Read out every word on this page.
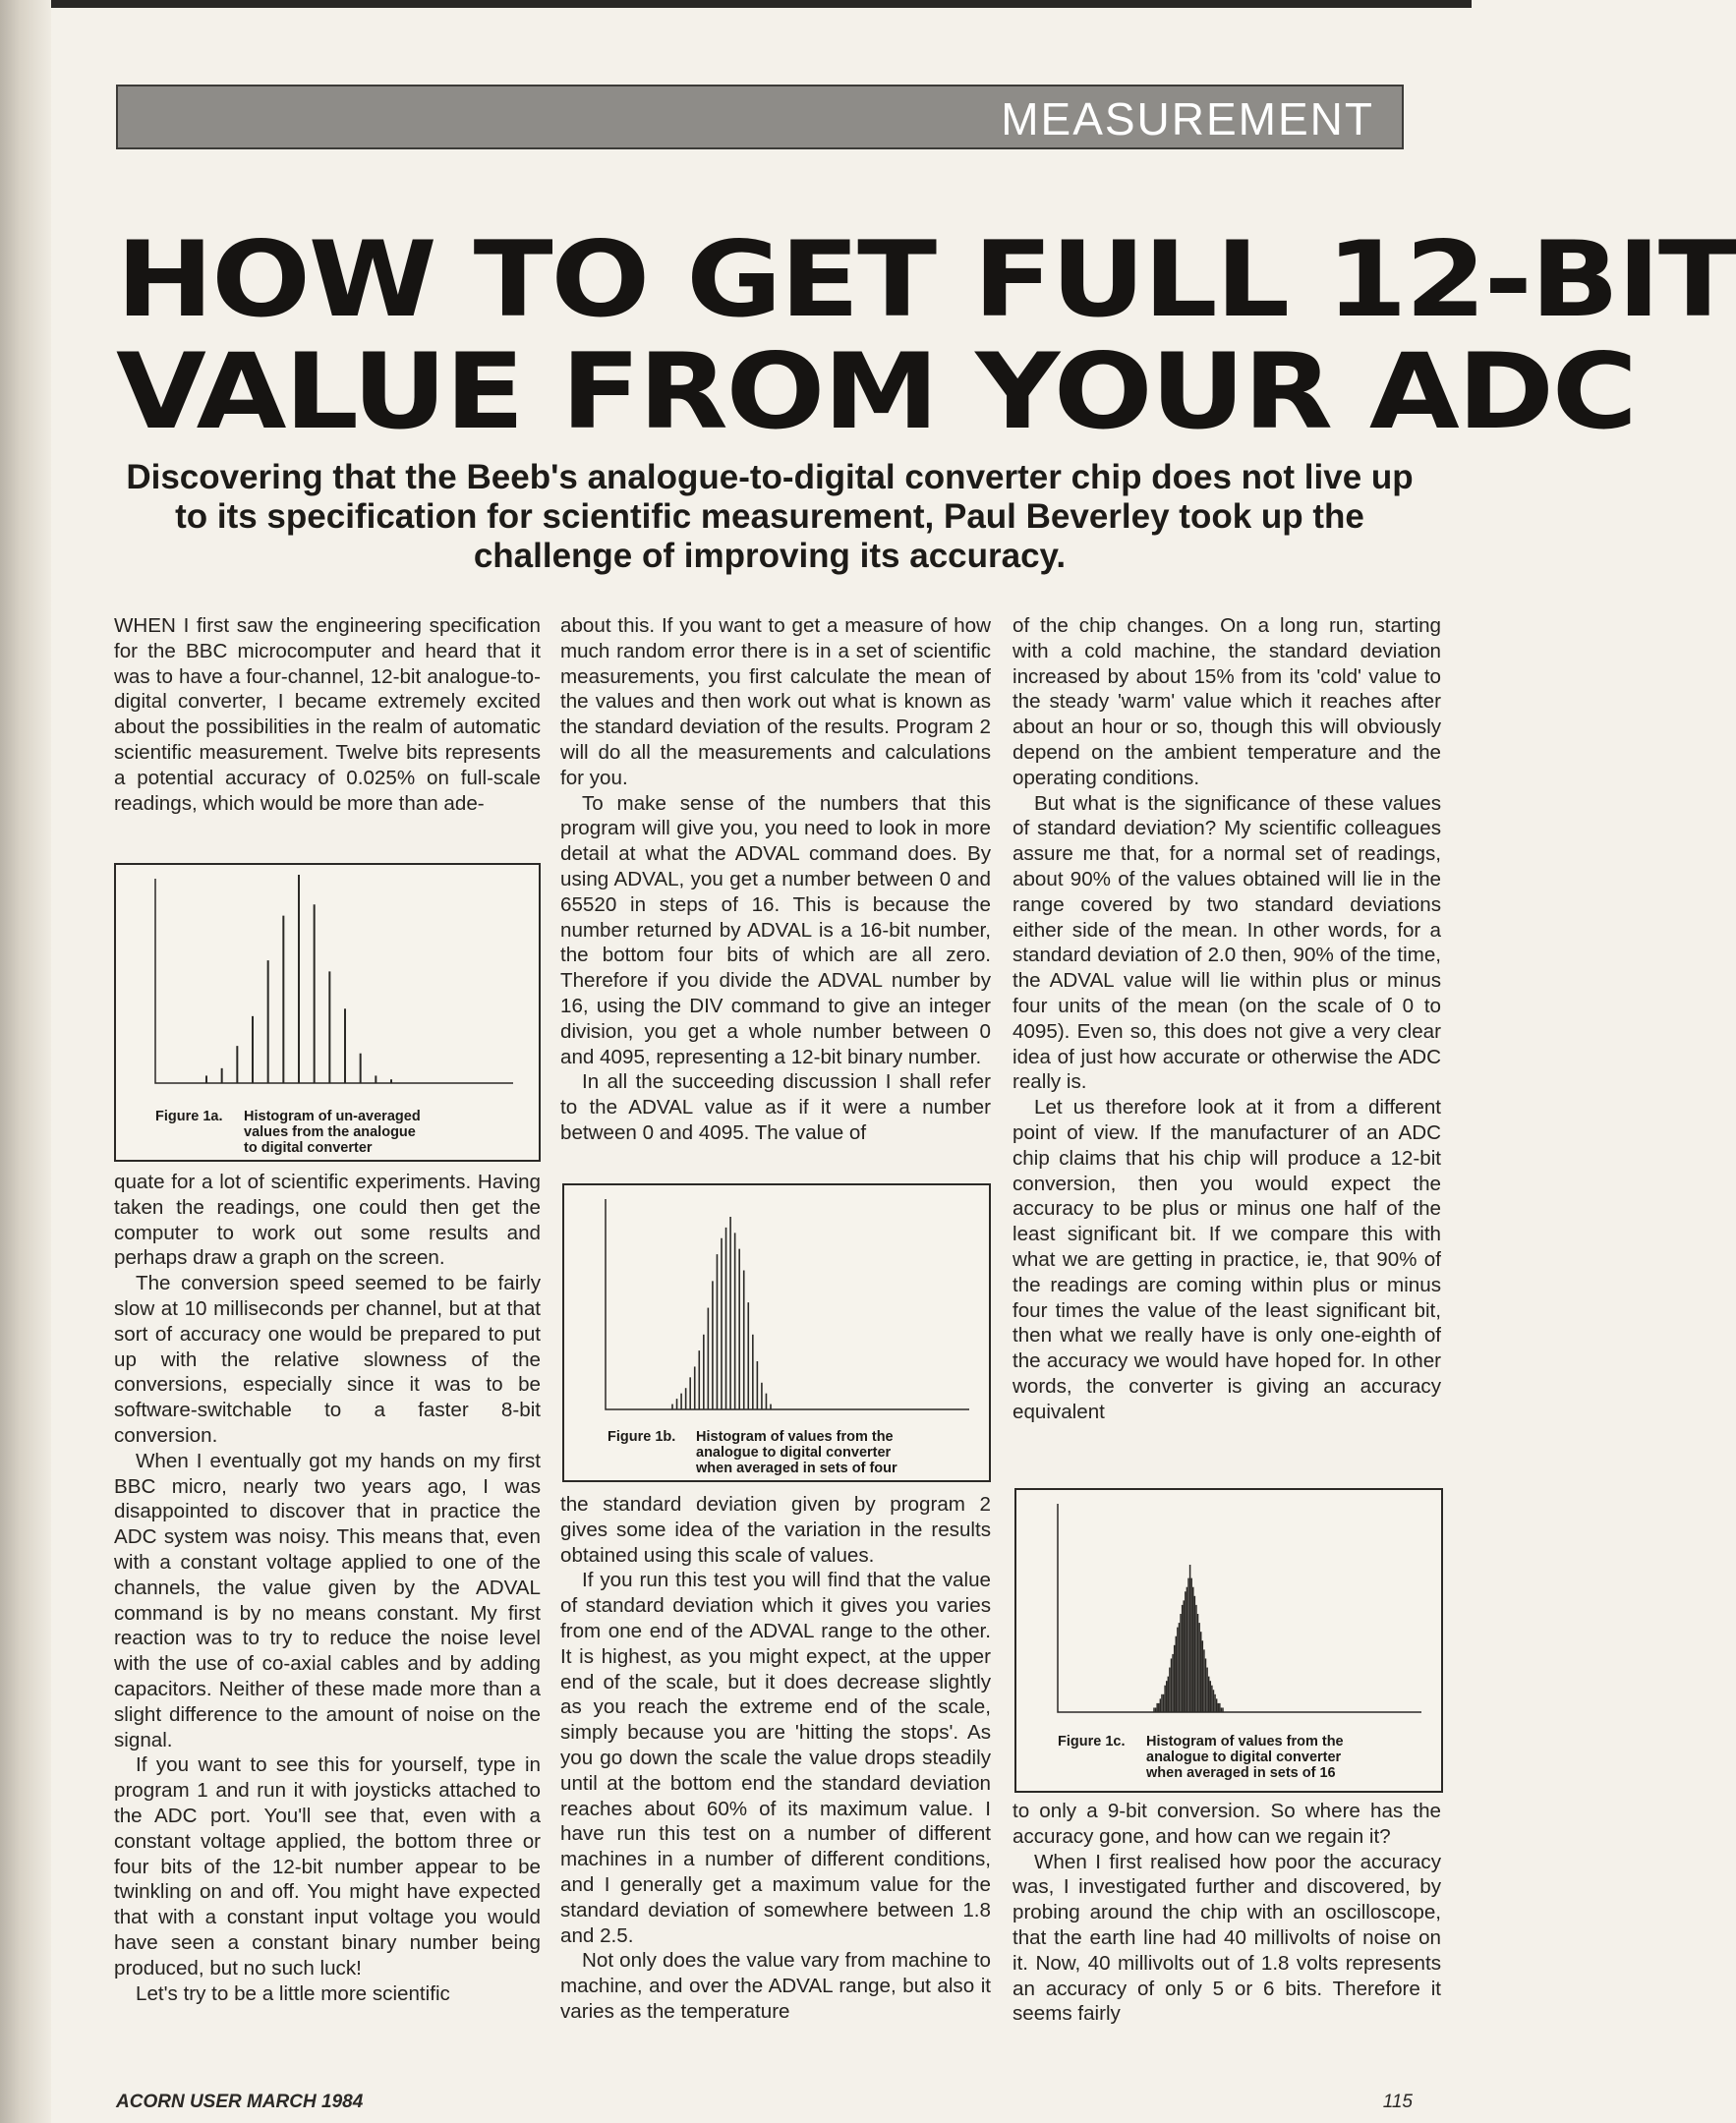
MEASUREMENT
HOW TO GET FULL 12-BIT
VALUE FROM YOUR ADC
Discovering that the Beeb's analogue-to-digital converter chip does not live up to its specification for scientific measurement, Paul Beverley took up the challenge of improving its accuracy.

WHEN I first saw the engineering specification for the BBC microcomputer and heard that it was to have a four-channel, 12-bit analogue-to-digital converter, I became extremely excited about the possibilities in the realm of automatic scientific measurement. Twelve bits represents a potential accuracy of 0.025% on full-scale readings, which would be more than ade-

Figure 1a. Histogram of un-averaged
values from the analogue
to digital converter

quate for a lot of scientific experiments. Having taken the readings, one could then get the computer to work out some results and perhaps draw a graph on the screen.

The conversion speed seemed to be fairly slow at 10 milliseconds per channel, but at that sort of accuracy one would be prepared to put up with the relative slowness of the conversions, especially since it was to be software-switchable to a faster 8-bit conversion.

When I eventually got my hands on my first BBC micro, nearly two years ago, I was disappointed to discover that in practice the ADC system was noisy. This means that, even with a constant voltage applied to one of the channels, the value given by the ADVAL command is by no means constant. My first reaction was to try to reduce the noise level with the use of co-axial cables and by adding capacitors. Neither of these made more than a slight difference to the amount of noise on the signal.

If you want to see this for yourself, type in program 1 and run it with joysticks attached to the ADC port. You'll see that, even with a constant voltage applied, the bottom three or four bits of the 12-bit number appear to be twinkling on and off. You might have expected that with a constant input voltage you would have seen a constant binary number being produced, but no such luck!

Let's try to be a little more scientific

about this. If you want to get a measure of how much random error there is in a set of scientific measurements, you first calculate the mean of the values and then work out what is known as the standard deviation of the results. Program 2 will do all the measurements and calculations for you.

To make sense of the numbers that this program will give you, you need to look in more detail at what the ADVAL command does. By using ADVAL, you get a number between 0 and 65520 in steps of 16. This is because the number returned by ADVAL is a 16-bit number, the bottom four bits of which are all zero. Therefore if you divide the ADVAL number by 16, using the DIV command to give an integer division, you get a whole number between 0 and 4095, representing a 12-bit binary number.

In all the succeeding discussion I shall refer to the ADVAL value as if it were a number between 0 and 4095. The value of

Figure 1b. Histogram of values from the
analogue to digital converter
when averaged in sets of four

the standard deviation given by program 2 gives some idea of the variation in the results obtained using this scale of values.

If you run this test you will find that the value of standard deviation which it gives you varies from one end of the ADVAL range to the other. It is highest, as you might expect, at the upper end of the scale, but it does decrease slightly as you reach the extreme end of the scale, simply because you are 'hitting the stops'. As you go down the scale the value drops steadily until at the bottom end the standard deviation reaches about 60% of its maximum value. I have run this test on a number of different machines in a number of different conditions, and I generally get a maximum value for the standard deviation of somewhere between 1.8 and 2.5.

Not only does the value vary from machine to machine, and over the ADVAL range, but also it varies as the temperature

of the chip changes. On a long run, starting with a cold machine, the standard deviation increased by about 15% from its 'cold' value to the steady 'warm' value which it reaches after about an hour or so, though this will obviously depend on the ambient temperature and the operating conditions.

But what is the significance of these values of standard deviation? My scientific colleagues assure me that, for a normal set of readings, about 90% of the values obtained will lie in the range covered by two standard deviations either side of the mean. In other words, for a standard deviation of 2.0 then, 90% of the time, the ADVAL value will lie within plus or minus four units of the mean (on the scale of 0 to 4095). Even so, this does not give a very clear idea of just how accurate or otherwise the ADC really is.

Let us therefore look at it from a different point of view. If the manufacturer of an ADC chip claims that his chip will produce a 12-bit conversion, then you would expect the accuracy to be plus or minus one half of the least significant bit. If we compare this with what we are getting in practice, ie, that 90% of the readings are coming within plus or minus four times the value of the least significant bit, then what we really have is only one-eighth of the accuracy we would have hoped for. In other words, the converter is giving an accuracy equivalent

Figure 1c. Histogram of values from the
analogue to digital converter
when averaged in sets of 16

to only a 9-bit conversion. So where has the accuracy gone, and how can we regain it?

When I first realised how poor the accuracy was, I investigated further and discovered, by probing around the chip with an oscilloscope, that the earth line had 40 millivolts of noise on it. Now, 40 millivolts out of 1.8 volts represents an accuracy of only 5 or 6 bits. Therefore it seems fairly

ACORN USER MARCH 1984	115
